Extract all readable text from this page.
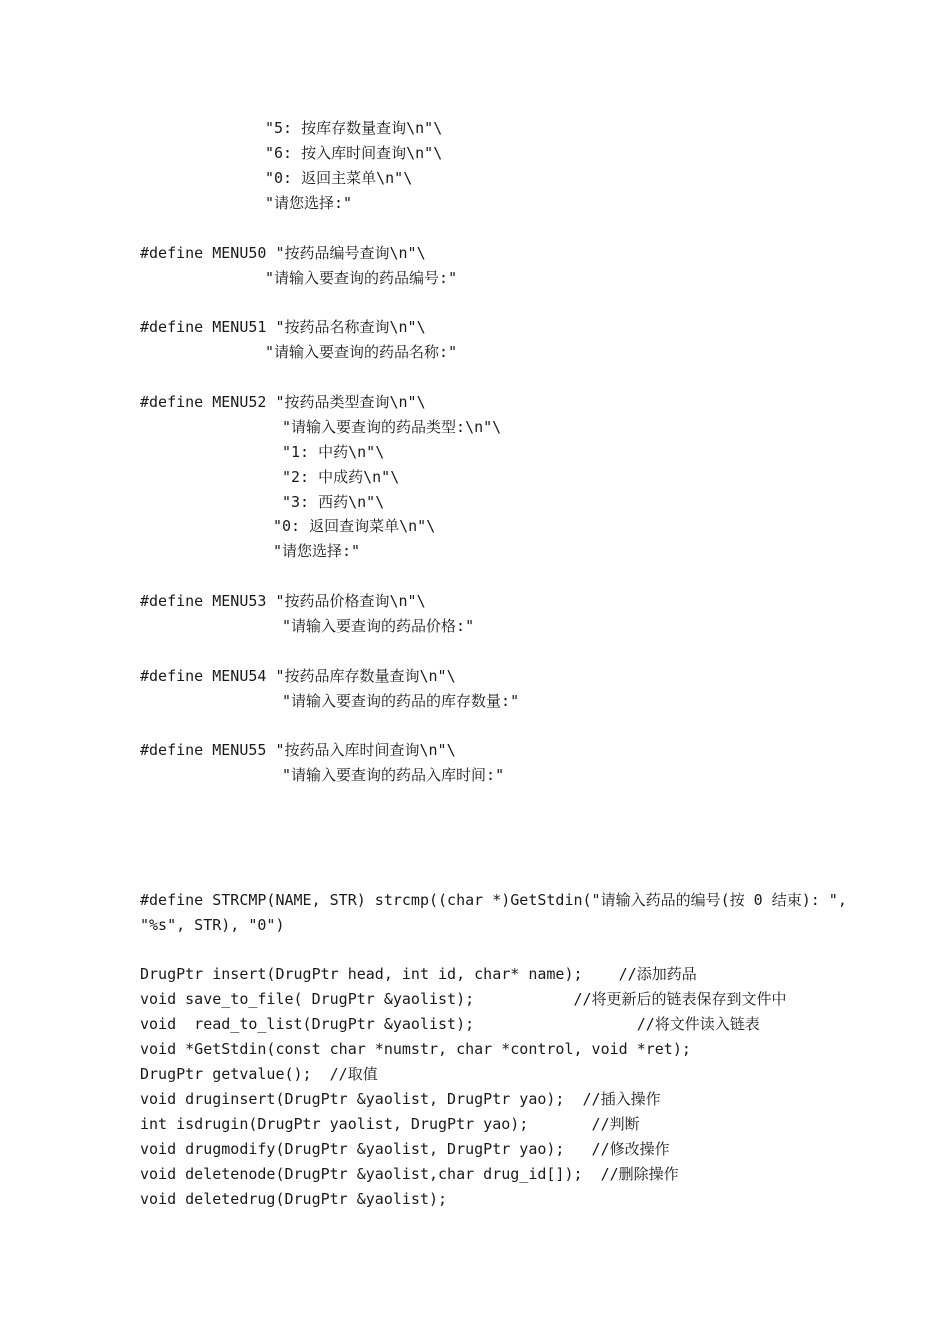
"5: 按库存数量查询\n"\
"6: 按入库时间查询\n"\
"0: 返回主菜单\n"\
"请您选择:"
#define MENU50 "按药品编号查询\n"\
"请输入要查询的药品编号:"
#define MENU51 "按药品名称查询\n"\
"请输入要查询的药品名称:"
#define MENU52 "按药品类型查询\n"\
"请输入要查询的药品类型:\n"\
"1: 中药\n"\
"2: 中成药\n"\
"3: 西药\n"\
"0: 返回查询菜单\n"\
"请您选择:"
#define MENU53 "按药品价格查询\n"\
"请输入要查询的药品价格:"
#define MENU54 "按药品库存数量查询\n"\
"请输入要查询的药品的库存数量:"
#define MENU55 "按药品入库时间查询\n"\
"请输入要查询的药品入库时间:"
#define STRCMP(NAME, STR) strcmp((char *)GetStdin("请输入药品的编号(按 0 结束): ",
"%s", STR), "0")
DrugPtr insert(DrugPtr head, int id, char* name);    //添加药品
void save_to_file( DrugPtr &yaolist);           //将更新后的链表保存到文件中
void  read_to_list(DrugPtr &yaolist);                  //将文件读入链表
void *GetStdin(const char *numstr, char *control, void *ret);
DrugPtr getvalue();  //取值
void druginsert(DrugPtr &yaolist, DrugPtr yao);  //插入操作
int isdrugin(DrugPtr yaolist, DrugPtr yao);       //判断
void drugmodify(DrugPtr &yaolist, DrugPtr yao);   //修改操作
void deletenode(DrugPtr &yaolist,char drug_id[]);  //删除操作
void deletedrug(DrugPtr &yaolist);
